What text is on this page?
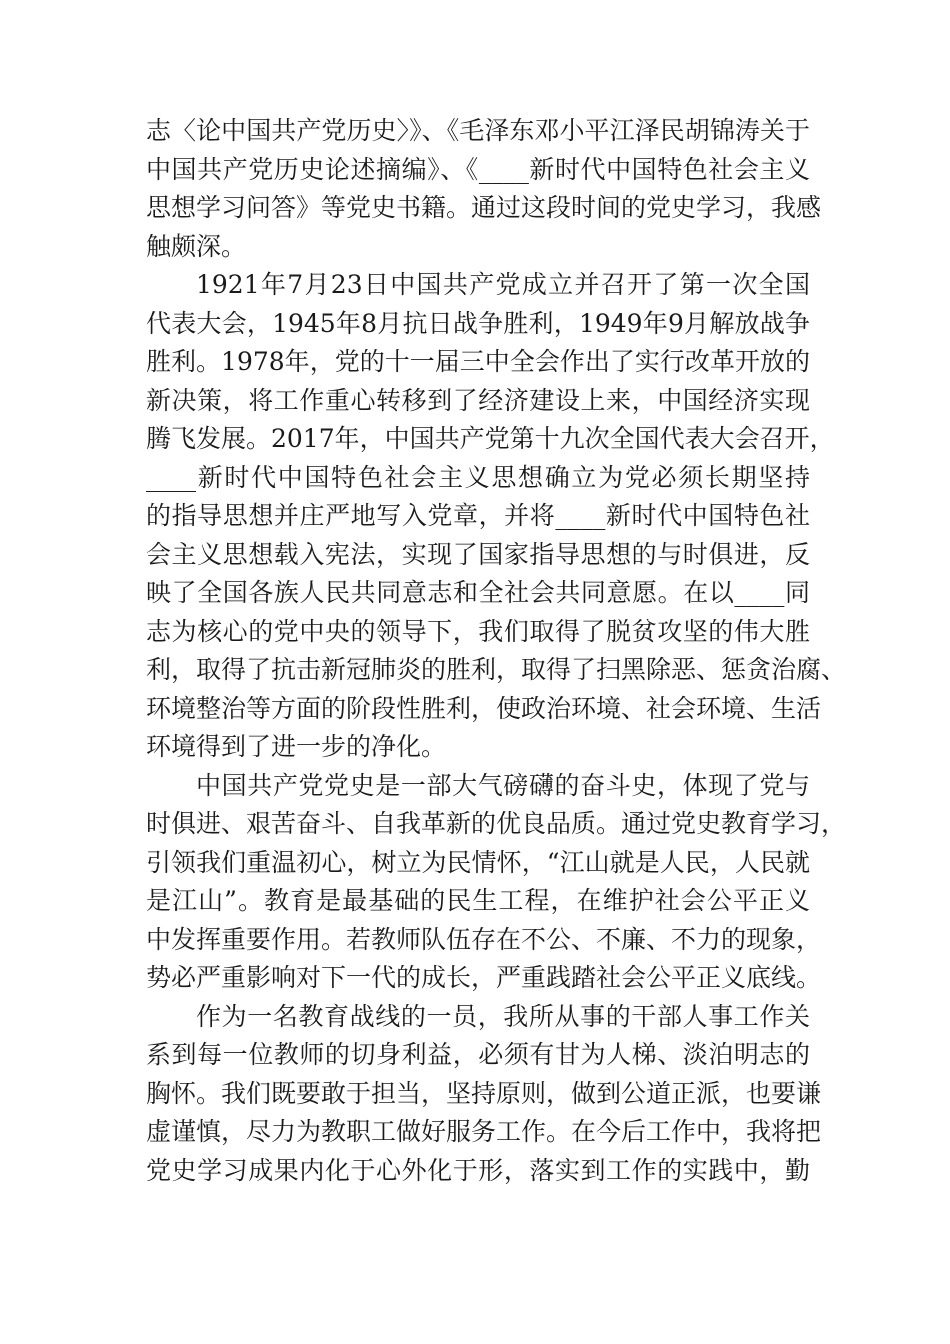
志〈论中国共产党历史〉》、《毛泽东邓小平江泽民胡锦涛关于
中国共产党历史论述摘编》、《____新时代中国特色社会主义
思想学习问答》等党史书籍。通过这段时间的党史学习，我感
触颇深。
1921年7月23日中国共产党成立并召开了第一次全国
代表大会，1945年8月抗日战争胜利，1949年9月解放战争
胜利。1978年，党的十一届三中全会作出了实行改革开放的
新决策，将工作重心转移到了经济建设上来，中国经济实现
腾飞发展。2017年，中国共产党第十九次全国代表大会召开，
____新时代中国特色社会主义思想确立为党必须长期坚持
的指导思想并庄严地写入党章，并将____新时代中国特色社
会主义思想载入宪法，实现了国家指导思想的与时俱进，反
映了全国各族人民共同意志和全社会共同意愿。在以____同
志为核心的党中央的领导下，我们取得了脱贫攻坚的伟大胜
利，取得了抗击新冠肺炎的胜利，取得了扫黑除恶、惩贪治腐、
环境整治等方面的阶段性胜利，使政治环境、社会环境、生活
环境得到了进一步的净化。
中国共产党党史是一部大气磅礴的奋斗史，体现了党与
时俱进、艰苦奋斗、自我革新的优良品质。通过党史教育学习，
引领我们重温初心，树立为民情怀，“江山就是人民，人民就
是江山”。教育是最基础的民生工程，在维护社会公平正义
中发挥重要作用。若教师队伍存在不公、不廉、不力的现象，
势必严重影响对下一代的成长，严重践踏社会公平正义底线。
作为一名教育战线的一员，我所从事的干部人事工作关
系到每一位教师的切身利益，必须有甘为人梯、淡泊明志的
胸怀。我们既要敢于担当，坚持原则，做到公道正派，也要谦
虚谨慎，尽力为教职工做好服务工作。在今后工作中，我将把
党史学习成果内化于心外化于形，落实到工作的实践中，勤
